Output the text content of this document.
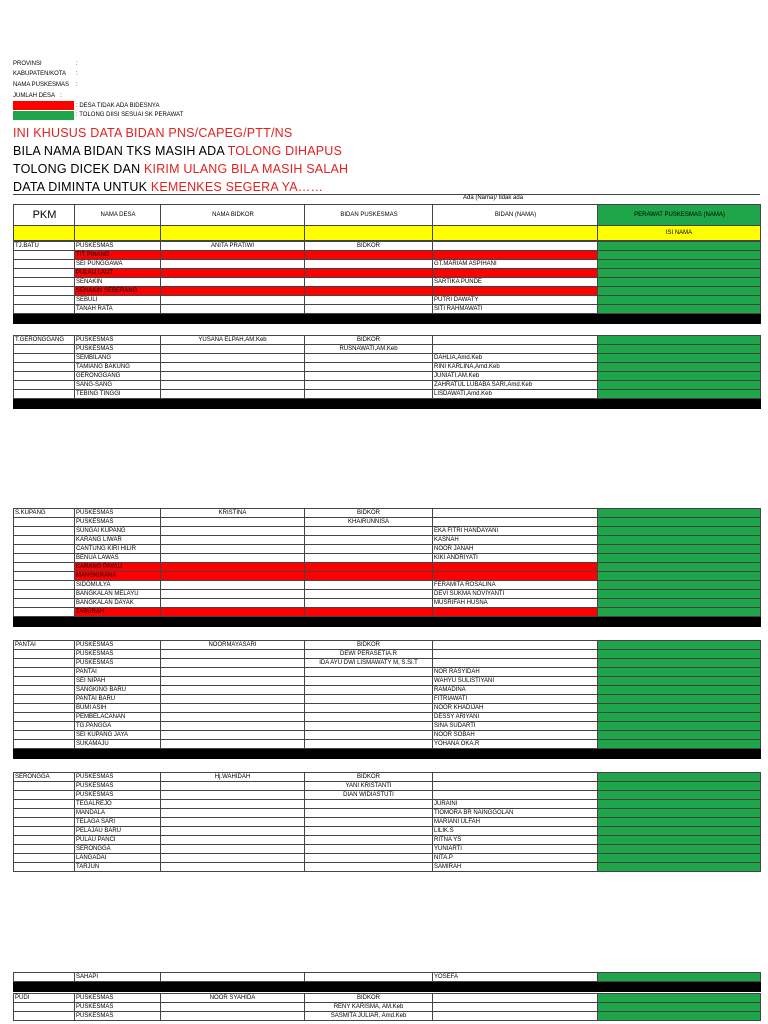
PROVINSI	:
KABUPATEN/KOTA :
NAMA PUSKESMAS :
JUMLAH DESA :
: DESA TIDAK ADA BIDESNYA
: TOLONG DIISI SESUAI SK PERAWAT
INI KHUSUS DATA BIDAN PNS/CAPEG/PTT/NS
BILA NAMA BIDAN TKS MASIH ADA TOLONG DIHAPUS
TOLONG DICEK DAN KIRIM ULANG BILA MASIH SALAH
DATA DIMINTA UNTUK KEMENKES SEGERA YA……
Ada (Nama)/ tidak ada
PKM	NAMA DESA	NAMA BIDKOR	BIDAN PUSKESMAS	BIDAN (NAMA)	PERAWAT PUSKESMAS (NAMA)
					ISI NAMA
TJ.BATU	PUSKESMAS	ANITA PRATIWI	BIDKOR		
	TIT PINANG				
	SEI PUNGGAWA			GT.MARIAM ASPIHANI	
	PULAU LAUT				
	SENAKIN			SARTIKA PUNDE	
	SENAKIN SEBERANG				
	SEBULI			PUTRI DAWATY	
	TANAH RATA			SITI RAHMAWATI	

T.GERONGGANG	PUSKESMAS	YUSANA ELPAH,AM.Keb	BIDKOR		
	PUSKESMAS		RUSNAWATI,AM.Keb		
	SEMBILANG			DAHLIA,Amd.Keb	
	TAMIANG BAKUNG			RINI KARLINA,Amd.Keb	
	GERONGGANG			JUNIATI,AM.Keb	
	SANG-SANG			ZAHRATUL LUBABA SARI,Amd.Keb	
	TEBING TINGGI			LISDAWATI,Amd.Keb	

S.KUPANG	PUSKESMAS	KRISTINA	BIDKOR		
	PUSKESMAS		KHAIRUNNISA		
	SUNGAI KUPANG			EKA FITRI HANDAYANI	
	KARANG LIWAR			KASNAH	
	CANTUNG KIRI HILIR			NOOR JANAH	
	BENUA LAWAS			KIKI ANDRIYATI	
	KARANG PAYAU				
	MANGKIRANA				
	SIDOMULYA			FERAMITA ROSALINA	
	BANGKALAN MELAYU			DEVI SUKMA NOVIYANTI	
	BANGKALAN DAYAK			MUSRIFAH HUSNA	
	TABURAH				

PANTAI	PUSKESMAS	NOORMAYASARI	BIDKOR		
	PUSKESMAS		DEWI PERASETIA.R		
	PUSKESMAS		IDA AYU DWI LISMAWATY M, S.Si.T		
	PANTAI			NOR RASYIDAH	
	SEI NIPAH			WAHYU SULISTIYANI	
	SANGKING BARU			RAMADINA	
	PANTAI BARU			FITRIAWATI	
	BUMI ASIH			NOOR KHADIJAH	
	PEMBELACANAN			DESSY ARIYANI	
	TG.PANGGA			SINA SUDARTI	
	SEI KUPANG JAYA			NOOR SOBAH	
	SUKAMAJU			YOHANA OKA.R	

SERONGGA	PUSKESMAS	Hj.WAHIDAH	BIDKOR		
	PUSKESMAS		YANI KRISTANTI		
	PUSKESMAS		DIAN WIDIASTUTI		
	TEGALREJO			JURAINI	
	MANDALA			TIOMORA BR NAINGGOLAN	
	TELAGA SARI			MARIANI ULFAH	
	PELAJAU BARU			LILIK.S	
	PULAU PANCI			RITNA YS	
	SERONGGA			YUNIARTI	
	LANGADAI			NITA.P	
	TARJUN			SAMIRAH	
	SAHAPI			YOSEFA	

PUDI	PUSKESMAS	NOOR SYAHIDA	BIDKOR		
	PUSKESMAS		RENY KARISMA, AM.Keb		
	PUSKESMAS		SASMITA JULIAR, Amd.Keb		
